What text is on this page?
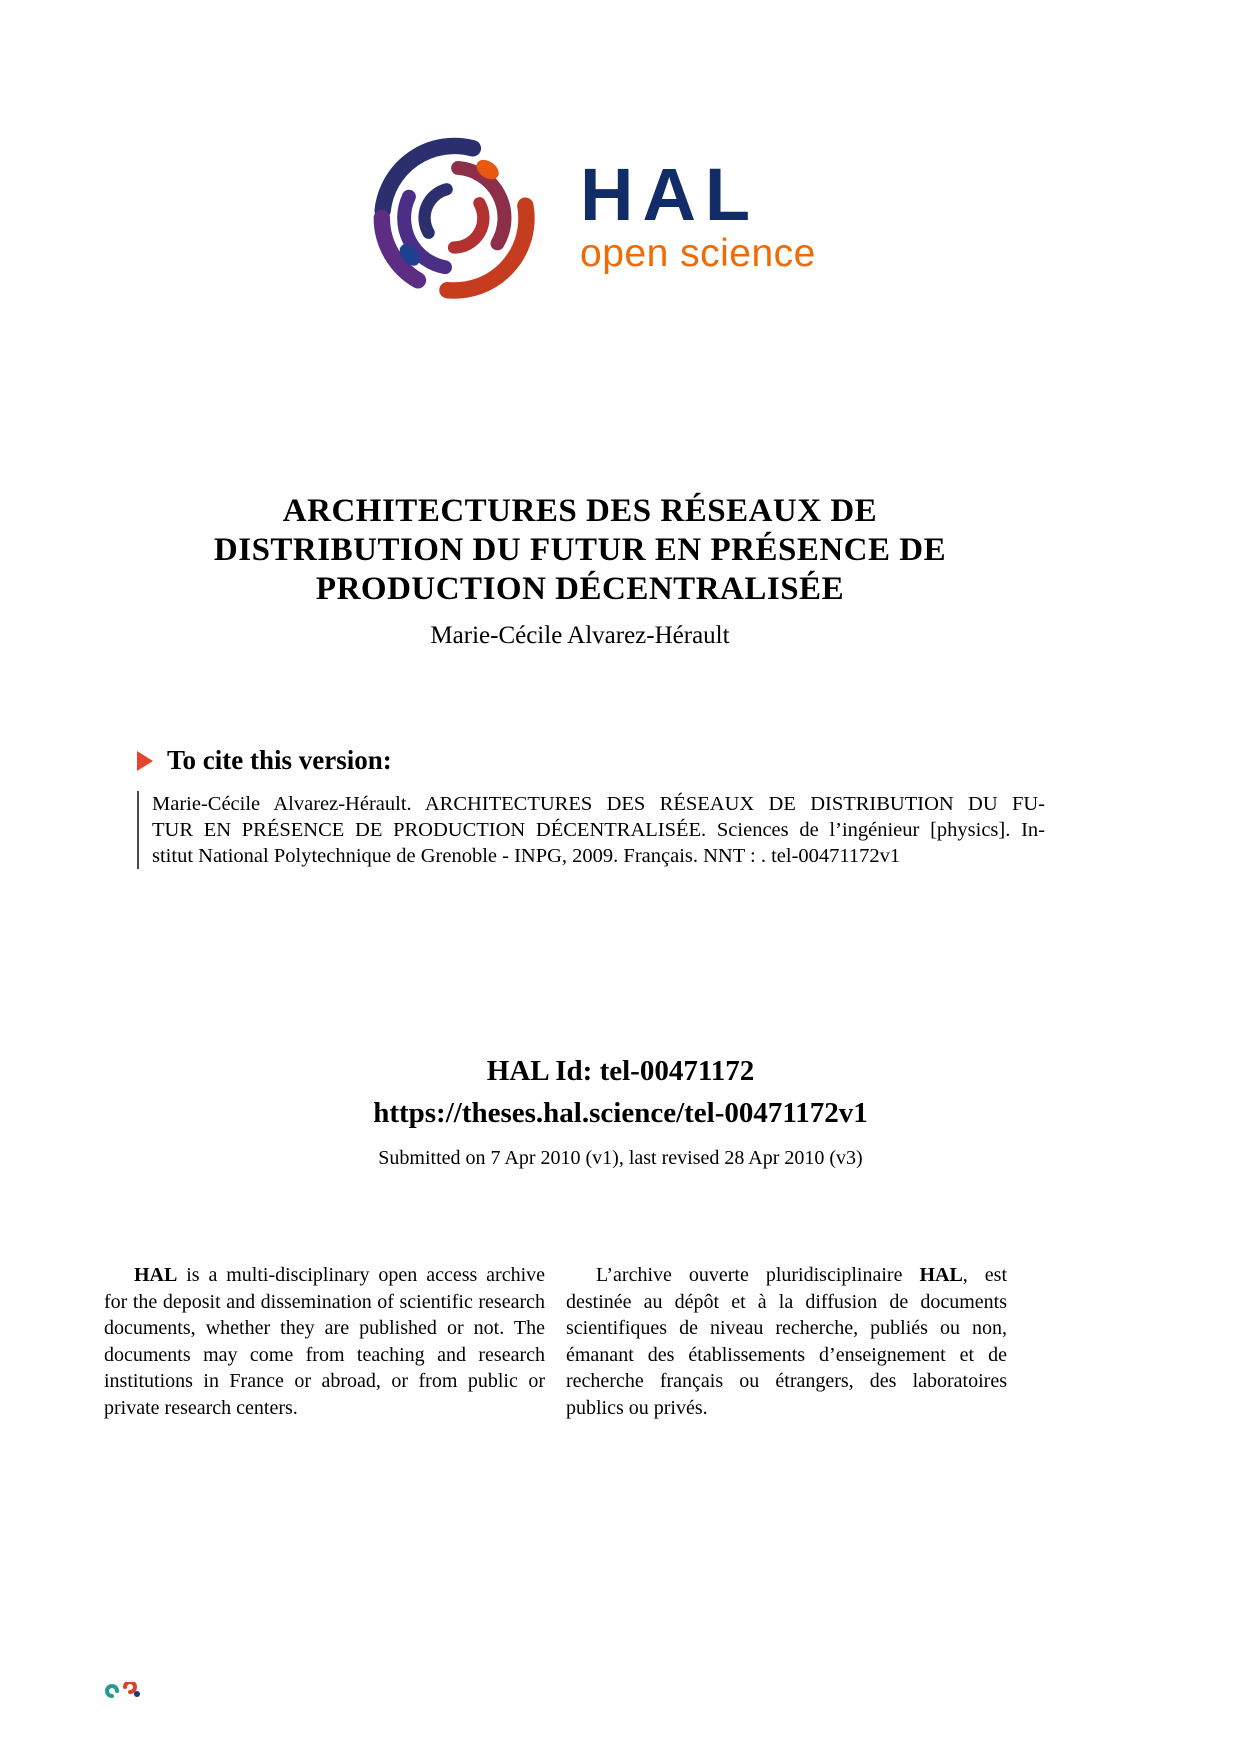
HAL
open science
ARCHITECTURES DES RÉSEAUX DE
DISTRIBUTION DU FUTUR EN PRÉSENCE DE
PRODUCTION DÉCENTRALISÉE
Marie-Cécile Alvarez-Hérault
To cite this version:
Marie-Cécile Alvarez-Hérault. ARCHITECTURES DES RÉSEAUX DE DISTRIBUTION DU FU-
TUR EN PRÉSENCE DE PRODUCTION DÉCENTRALISÉE. Sciences de l’ingénieur [physics]. In-
stitut National Polytechnique de Grenoble - INPG, 2009. Français. NNT : . tel-00471172v1
HAL Id: tel-00471172
https://theses.hal.science/tel-00471172v1
Submitted on 7 Apr 2010 (v1), last revised 28 Apr 2010 (v3)

HAL is a multi-disciplinary open access archive for the deposit and dissemination of scientific research documents, whether they are published or not. The documents may come from teaching and research institutions in France or abroad, or from public or private research centers.

L’archive ouverte pluridisciplinaire HAL, est destinée au dépôt et à la diffusion de documents scientifiques de niveau recherche, publiés ou non, émanant des établissements d’enseignement et de recherche français ou étrangers, des laboratoires publics ou privés.
